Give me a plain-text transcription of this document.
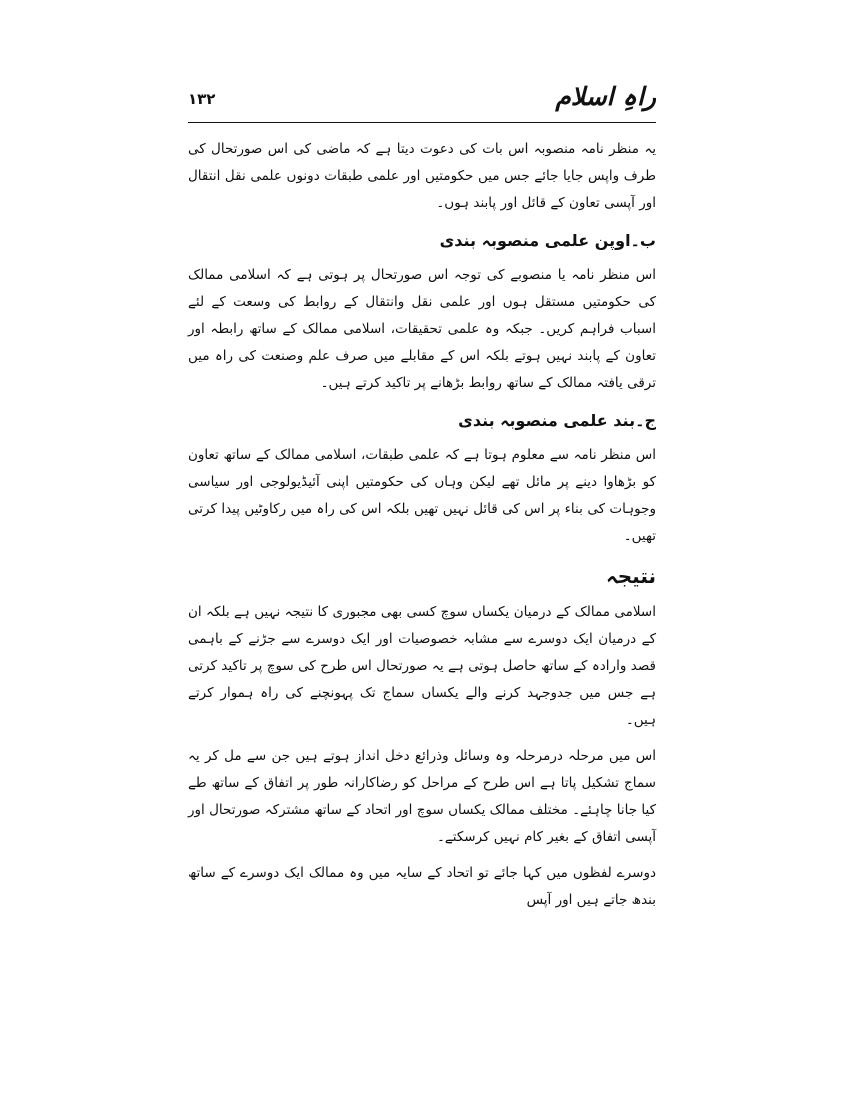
راہِ اسلام
۱۳۲

یہ منظر نامہ منصوبہ اس بات کی دعوت دیتا ہے کہ ماضی کی اس صورتحال کی طرف واپس جایا جائے جس میں حکومتیں اور علمی طبقات دونوں علمی نقل انتقال اور آپسی تعاون کے قائل اور پابند ہوں۔

ب۔اوپن علمی منصوبہ بندی

اس منظر نامہ یا منصوبے کی توجہ اس صورتحال پر ہوتی ہے کہ اسلامی ممالک کی حکومتیں مستقل ہوں اور علمی نقل وانتقال کے روابط کی وسعت کے لئے اسباب فراہم کریں۔ جبکہ وہ علمی تحقیقات، اسلامی ممالک کے ساتھ رابطہ اور تعاون کے پابند نہیں ہوتے بلکہ اس کے مقابلے میں صرف علم وصنعت کی راہ میں ترقی یافتہ ممالک کے ساتھ روابط بڑھانے پر تاکید کرتے ہیں۔

ج۔بند علمی منصوبہ بندی

اس منظر نامہ سے معلوم ہوتا ہے کہ علمی طبقات، اسلامی ممالک کے ساتھ تعاون کو بڑھاوا دینے پر مائل تھے لیکن وہاں کی حکومتیں اپنی آئیڈیولوجی اور سیاسی وجوہات کی بناء پر اس کی قائل نہیں تھیں بلکہ اس کی راہ میں رکاوٹیں پیدا کرتی تھیں۔

نتیجہ

اسلامی ممالک کے درمیان یکساں سوچ کسی بھی مجبوری کا نتیجہ نہیں ہے بلکہ ان کے درمیان ایک دوسرے سے مشابہ خصوصیات اور ایک دوسرے سے جڑنے کے باہمی قصد وارادہ کے ساتھ حاصل ہوتی ہے یہ صورتحال اس طرح کی سوچ پر تاکید کرتی ہے جس میں جدوجہد کرنے والے یکساں سماج تک پہونچنے کی راہ ہموار کرتے ہیں۔

اس میں مرحلہ درمرحلہ وہ وسائل وذرائع دخل انداز ہوتے ہیں جن سے مل کر یہ سماج تشکیل پاتا ہے اس طرح کے مراحل کو رضاکارانہ طور پر اتفاق کے ساتھ طے کیا جانا چاہئے۔ مختلف ممالک یکساں سوچ اور اتحاد کے ساتھ مشترکہ صورتحال اور آپسی اتفاق کے بغیر کام نہیں کرسکتے۔

دوسرے لفظوں میں کہا جائے تو اتحاد کے سایہ میں وہ ممالک ایک دوسرے کے ساتھ بندھ جاتے ہیں اور آپس
